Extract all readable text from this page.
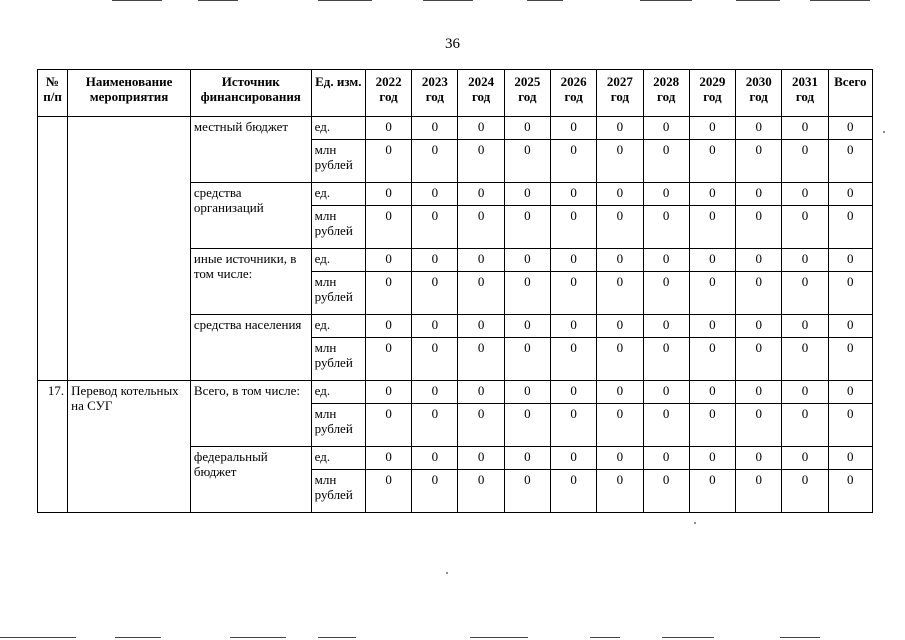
36
№ п/п	Наименование мероприятия	Источник финансирования	Ед. изм.	2022 год	2023 год	2024 год	2025 год	2026 год	2027 год	2028 год	2029 год	2030 год	2031 год	Всего
		местный бюджет	ед.	0	0	0	0	0	0	0	0	0	0	0
			млн рублей	0	0	0	0	0	0	0	0	0	0	0
		средства организаций	ед.	0	0	0	0	0	0	0	0	0	0	0
			млн рублей	0	0	0	0	0	0	0	0	0	0	0
		иные источники, в том числе:	ед.	0	0	0	0	0	0	0	0	0	0	0
			млн рублей	0	0	0	0	0	0	0	0	0	0	0
		средства населения	ед.	0	0	0	0	0	0	0	0	0	0	0
			млн рублей	0	0	0	0	0	0	0	0	0	0	0
17.	Перевод котельных на СУГ	Всего, в том числе:	ед.	0	0	0	0	0	0	0	0	0	0	0
			млн рублей	0	0	0	0	0	0	0	0	0	0	0
		федеральный бюджет	ед.	0	0	0	0	0	0	0	0	0	0	0
			млн рублей	0	0	0	0	0	0	0	0	0	0	0
